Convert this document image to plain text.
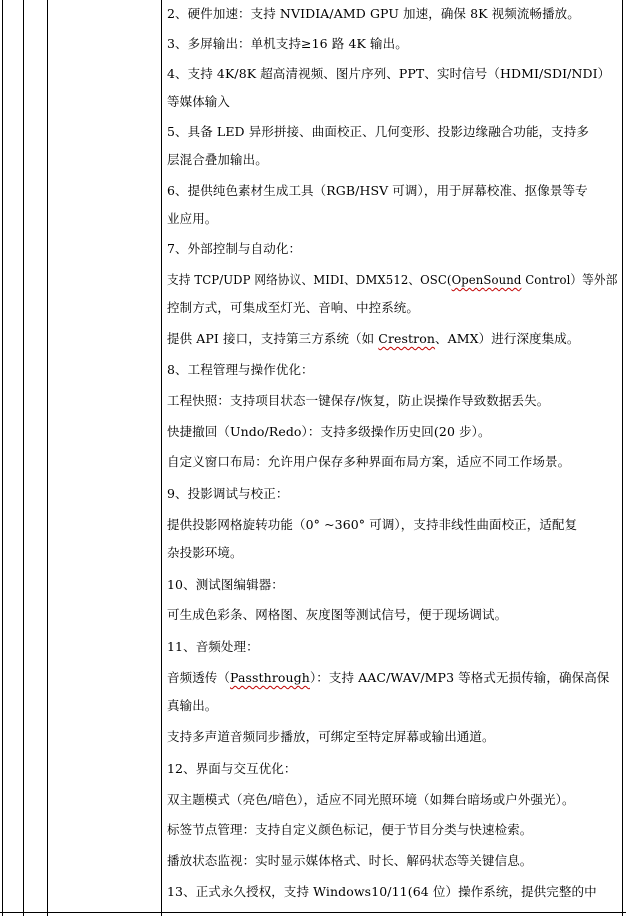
2、硬件加速：支持 NVIDIA/AMD GPU 加速，确保 8K 视频流畅播放。
3、多屏输出：单机支持≥16 路 4K 输出。
4、支持 4K/8K 超高清视频、图片序列、PPT、实时信号（HDMI/SDI/NDI）
等媒体输入
5、具备 LED 异形拼接、曲面校正、几何变形、投影边缘融合功能，支持多
层混合叠加输出。
6、提供纯色素材生成工具（RGB/HSV 可调），用于屏幕校准、抠像景等专
业应用。
7、外部控制与自动化：
支持 TCP/UDP 网络协议、MIDI、DMX512、OSC(OpenSound Control）等外部
控制方式，可集成至灯光、音响、中控系统。
提供 API 接口，支持第三方系统（如 Crestron、AMX）进行深度集成。
8、工程管理与操作优化：
工程快照：支持项目状态一键保存/恢复，防止误操作导致数据丢失。
快捷撤回（Undo/Redo）：支持多级操作历史回(20 步）。
自定义窗口布局：允许用户保存多种界面布局方案，适应不同工作场景。
9、投影调试与校正：
提供投影网格旋转功能（0° ~360° 可调），支持非线性曲面校正，适配复
杂投影环境。
10、测试图编辑器：
可生成色彩条、网格图、灰度图等测试信号，便于现场调试。
11、音频处理：
音频透传（Passthrough）：支持 AAC/WAV/MP3 等格式无损传输，确保高保
真输出。
支持多声道音频同步播放，可绑定至特定屏幕或输出通道。
12、界面与交互优化：
双主题模式（亮色/暗色），适应不同光照环境（如舞台暗场或户外强光）。
标签节点管理：支持自定义颜色标记，便于节目分类与快速检索。
播放状态监视：实时显示媒体格式、时长、解码状态等关键信息。
13、正式永久授权，支持 Windows10/11(64 位）操作系统，提供完整的中
